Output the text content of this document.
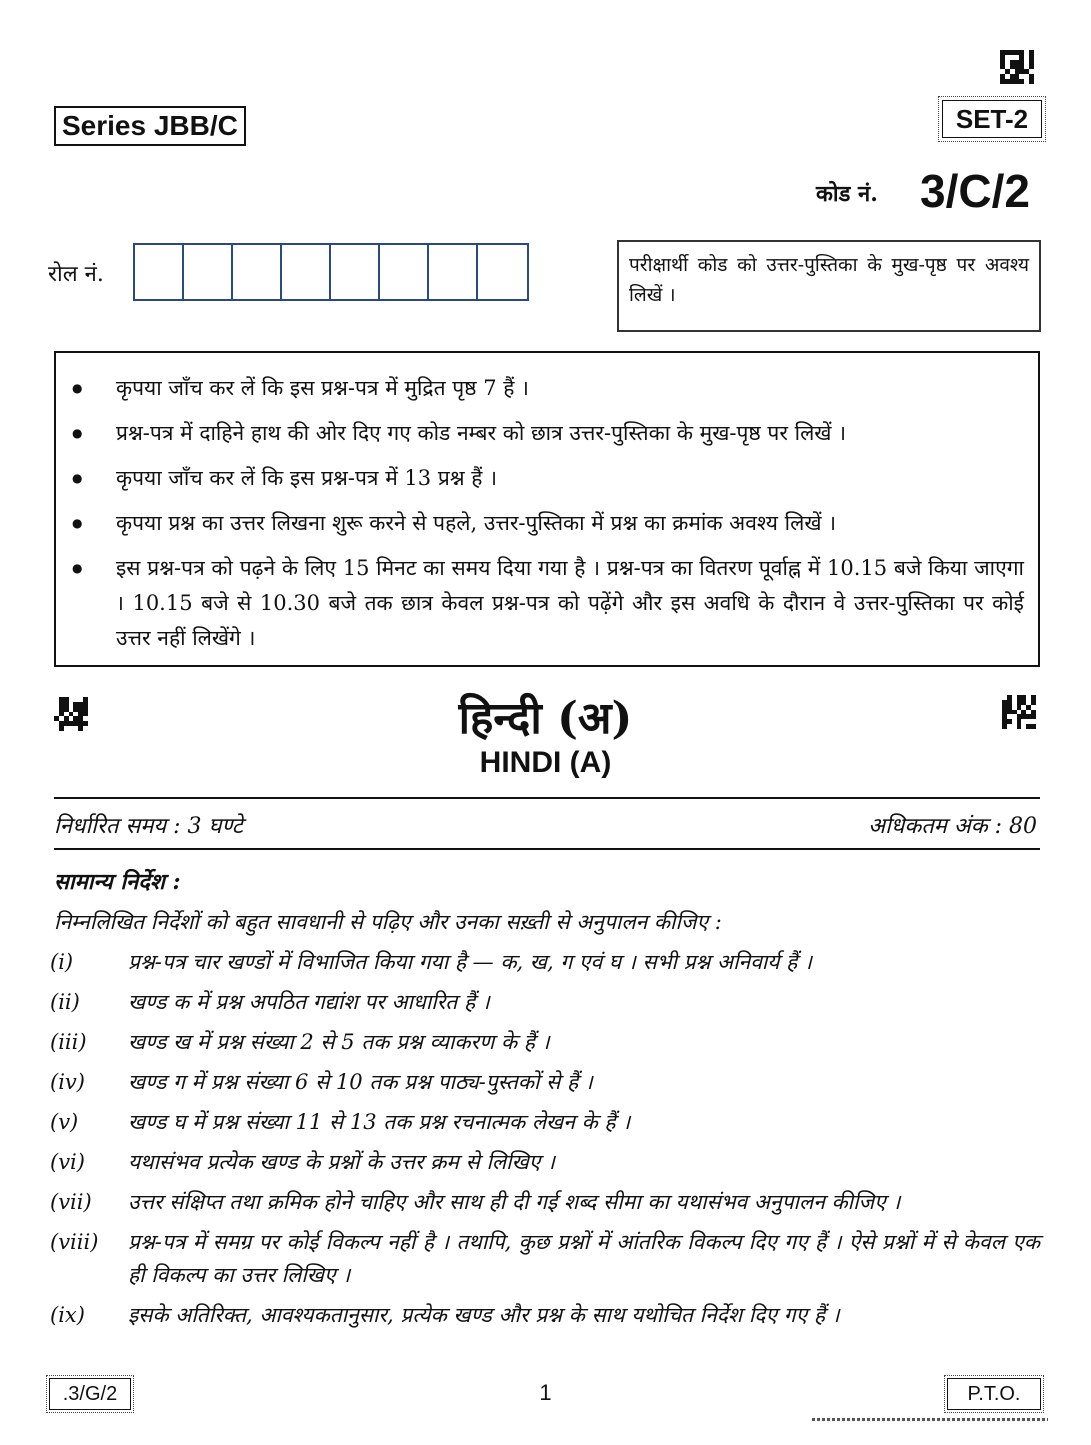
Series JBB/C	SET-2
कोड नं. 3/C/2
रोल नं.	परीक्षार्थी कोड को उत्तर-पुस्तिका के मुख-पृष्ठ पर अवश्य लिखें ।
● कृपया जाँच कर लें कि इस प्रश्न-पत्र में मुद्रित पृष्ठ 7 हैं ।
● प्रश्न-पत्र में दाहिने हाथ की ओर दिए गए कोड नम्बर को छात्र उत्तर-पुस्तिका के मुख-पृष्ठ पर लिखें ।
● कृपया जाँच कर लें कि इस प्रश्न-पत्र में 13 प्रश्न हैं ।
● कृपया प्रश्न का उत्तर लिखना शुरू करने से पहले, उत्तर-पुस्तिका में प्रश्न का क्रमांक अवश्य लिखें ।
● इस प्रश्न-पत्र को पढ़ने के लिए 15 मिनट का समय दिया गया है । प्रश्न-पत्र का वितरण पूर्वाह्न में 10.15 बजे किया जाएगा । 10.15 बजे से 10.30 बजे तक छात्र केवल प्रश्न-पत्र को पढ़ेंगे और इस अवधि के दौरान वे उत्तर-पुस्तिका पर कोई उत्तर नहीं लिखेंगे ।
हिन्दी (अ)
HINDI (A)
निर्धारित समय : 3 घण्टे	अधिकतम अंक : 80
सामान्य निर्देश :
निम्नलिखित निर्देशों को बहुत सावधानी से पढ़िए और उनका सख़्ती से अनुपालन कीजिए :
(i)	प्रश्न-पत्र चार खण्डों में विभाजित किया गया है — क, ख, ग एवं घ । सभी प्रश्न अनिवार्य हैं ।
(ii)	खण्ड क में प्रश्न अपठित गद्यांश पर आधारित हैं ।
(iii)	खण्ड ख में प्रश्न संख्या 2 से 5 तक प्रश्न व्याकरण के हैं ।
(iv)	खण्ड ग में प्रश्न संख्या 6 से 10 तक प्रश्न पाठ्य-पुस्तकों से हैं ।
(v)	खण्ड घ में प्रश्न संख्या 11 से 13 तक प्रश्न रचनात्मक लेखन के हैं ।
(vi)	यथासंभव प्रत्येक खण्ड के प्रश्नों के उत्तर क्रम से लिखिए ।
(vii)	उत्तर संक्षिप्त तथा क्रमिक होने चाहिए और साथ ही दी गई शब्द सीमा का यथासंभव अनुपालन कीजिए ।
(viii)	प्रश्न-पत्र में समग्र पर कोई विकल्प नहीं है । तथापि, कुछ प्रश्नों में आंतरिक विकल्प दिए गए हैं । ऐसे प्रश्नों में से केवल एक ही विकल्प का उत्तर लिखिए ।
(ix)	इसके अतिरिक्त, आवश्यकतानुसार, प्रत्येक खण्ड और प्रश्न के साथ यथोचित निर्देश दिए गए हैं ।
.3/G/2	1	P.T.O.
